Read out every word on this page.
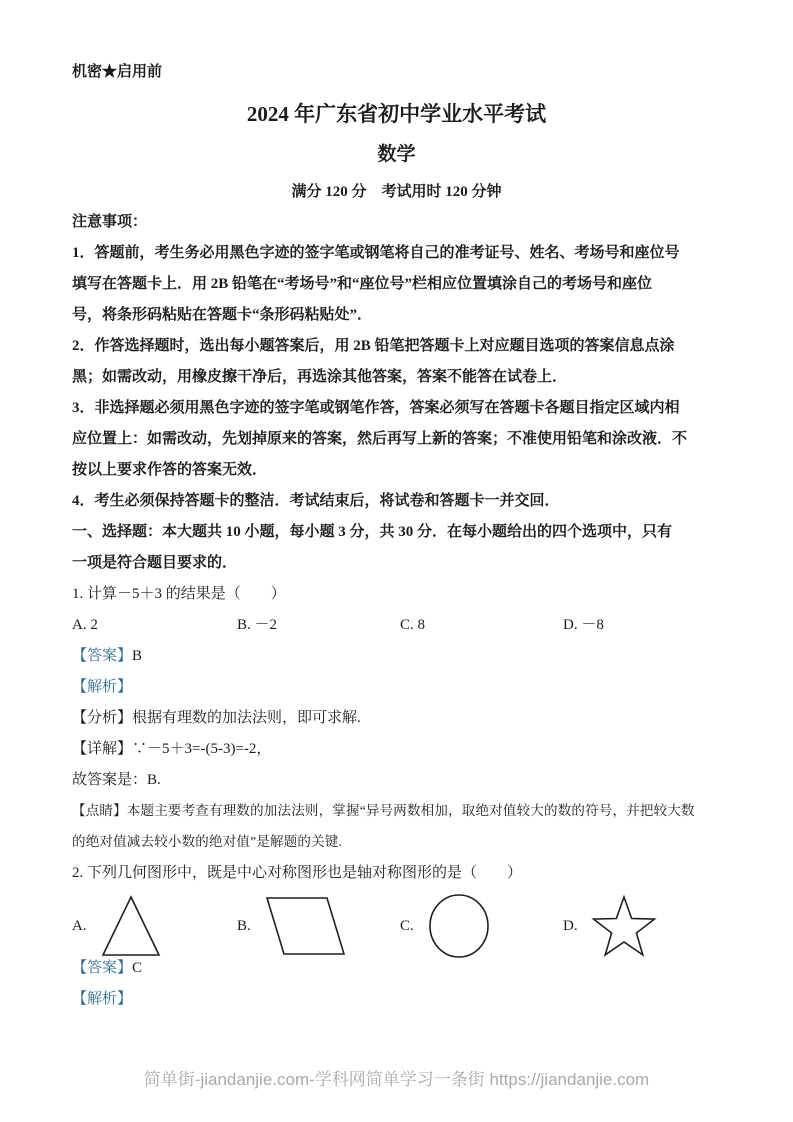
机密★启用前
2024 年广东省初中学业水平考试
数学
满分 120 分　考试用时 120 分钟
注意事项：
1．答题前，考生务必用黑色字迹的签字笔或钢笔将自己的准考证号、姓名、考场号和座位号
填写在答题卡上．用 2B 铅笔在“考场号”和“座位号”栏相应位置填涂自己的考场号和座位
号，将条形码粘贴在答题卡“条形码粘贴处”．
2．作答选择题时，选出每小题答案后，用 2B 铅笔把答题卡上对应题目选项的答案信息点涂
黑；如需改动，用橡皮擦干净后，再选涂其他答案，答案不能答在试卷上．
3．非选择题必须用黑色字迹的签字笔或钢笔作答，答案必须写在答题卡各题目指定区域内相
应位置上：如需改动，先划掉原来的答案，然后再写上新的答案；不准使用铅笔和涂改液．不
按以上要求作答的答案无效．
4．考生必须保持答题卡的整洁．考试结束后，将试卷和答题卡一并交回．
一、选择题：本大题共 10 小题，每小题 3 分，共 30 分．在每小题给出的四个选项中，只有
一项是符合题目要求的．
1. 计算－5＋3 的结果是（　　）
A. 2	B. －2	C. 8	D. －8
【答案】B
【解析】
【分析】根据有理数的加法法则，即可求解.
【详解】∵－5＋3=-(5-3)=-2，
故答案是：B.
【点睛】本题主要考查有理数的加法法则，掌握“异号两数相加，取绝对值较大的数的符号，并把较大数
的绝对值减去较小数的绝对值”是解题的关键.
2. 下列几何图形中，既是中心对称图形也是轴对称图形的是（　　）
A.	B.	C.	D.
【答案】C
【解析】
简单街-jiandanjie.com-学科网简单学习一条街 https://jiandanjie.com
